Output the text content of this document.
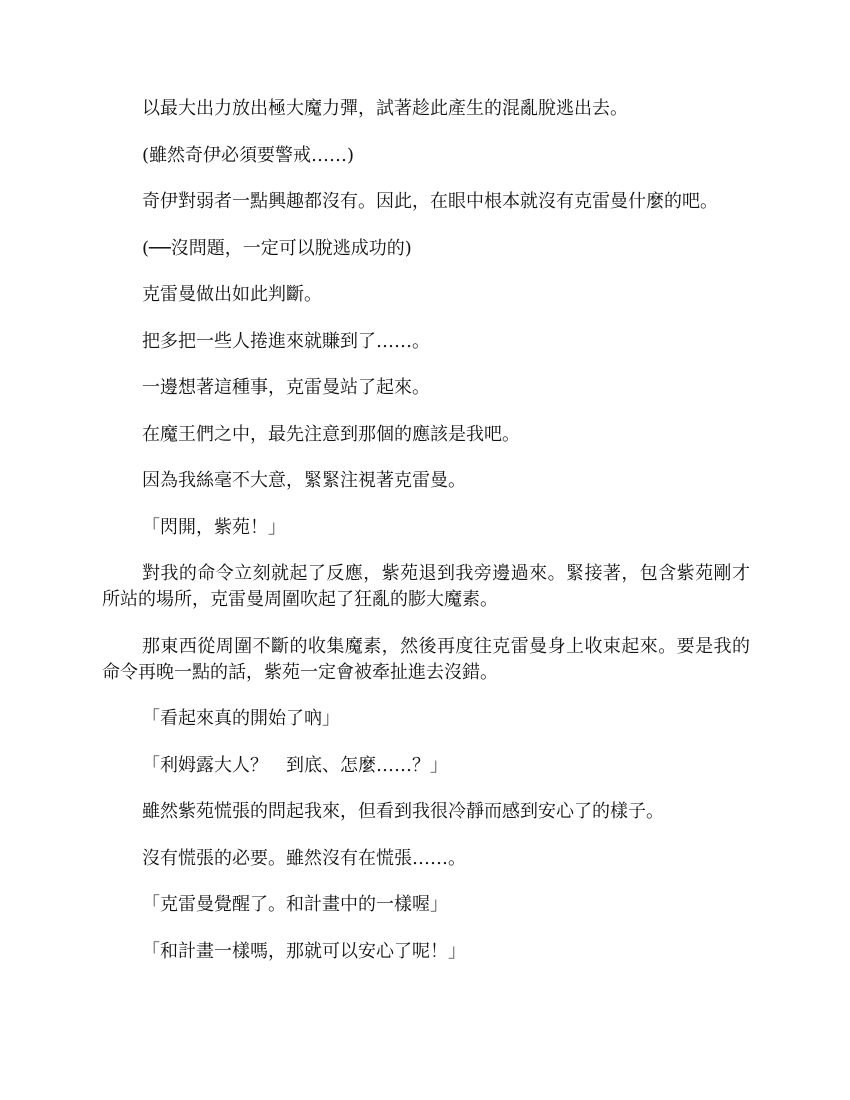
以最大出力放出極大魔力彈，試著趁此產生的混亂脫逃出去。

(雖然奇伊必須要警戒……)

奇伊對弱者一點興趣都沒有。因此，在眼中根本就沒有克雷曼什麼的吧。

(──沒問題，一定可以脫逃成功的)

克雷曼做出如此判斷。

把多把一些人捲進來就賺到了……。

一邊想著這種事，克雷曼站了起來。

在魔王們之中，最先注意到那個的應該是我吧。

因為我絲毫不大意，緊緊注視著克雷曼。

「閃開，紫苑！」

對我的命令立刻就起了反應，紫苑退到我旁邊過來。緊接著，包含紫苑剛才所站的場所，克雷曼周圍吹起了狂亂的膨大魔素。

那東西從周圍不斷的收集魔素，然後再度往克雷曼身上收束起來。要是我的命令再晚一點的話，紫苑一定會被牽扯進去沒錯。

「看起來真的開始了吶」

「利姆露大人？　到底、怎麼……？」

雖然紫苑慌張的問起我來，但看到我很冷靜而感到安心了的樣子。

沒有慌張的必要。雖然沒有在慌張……。

「克雷曼覺醒了。和計畫中的一樣喔」

「和計畫一樣嗎，那就可以安心了呢！」
